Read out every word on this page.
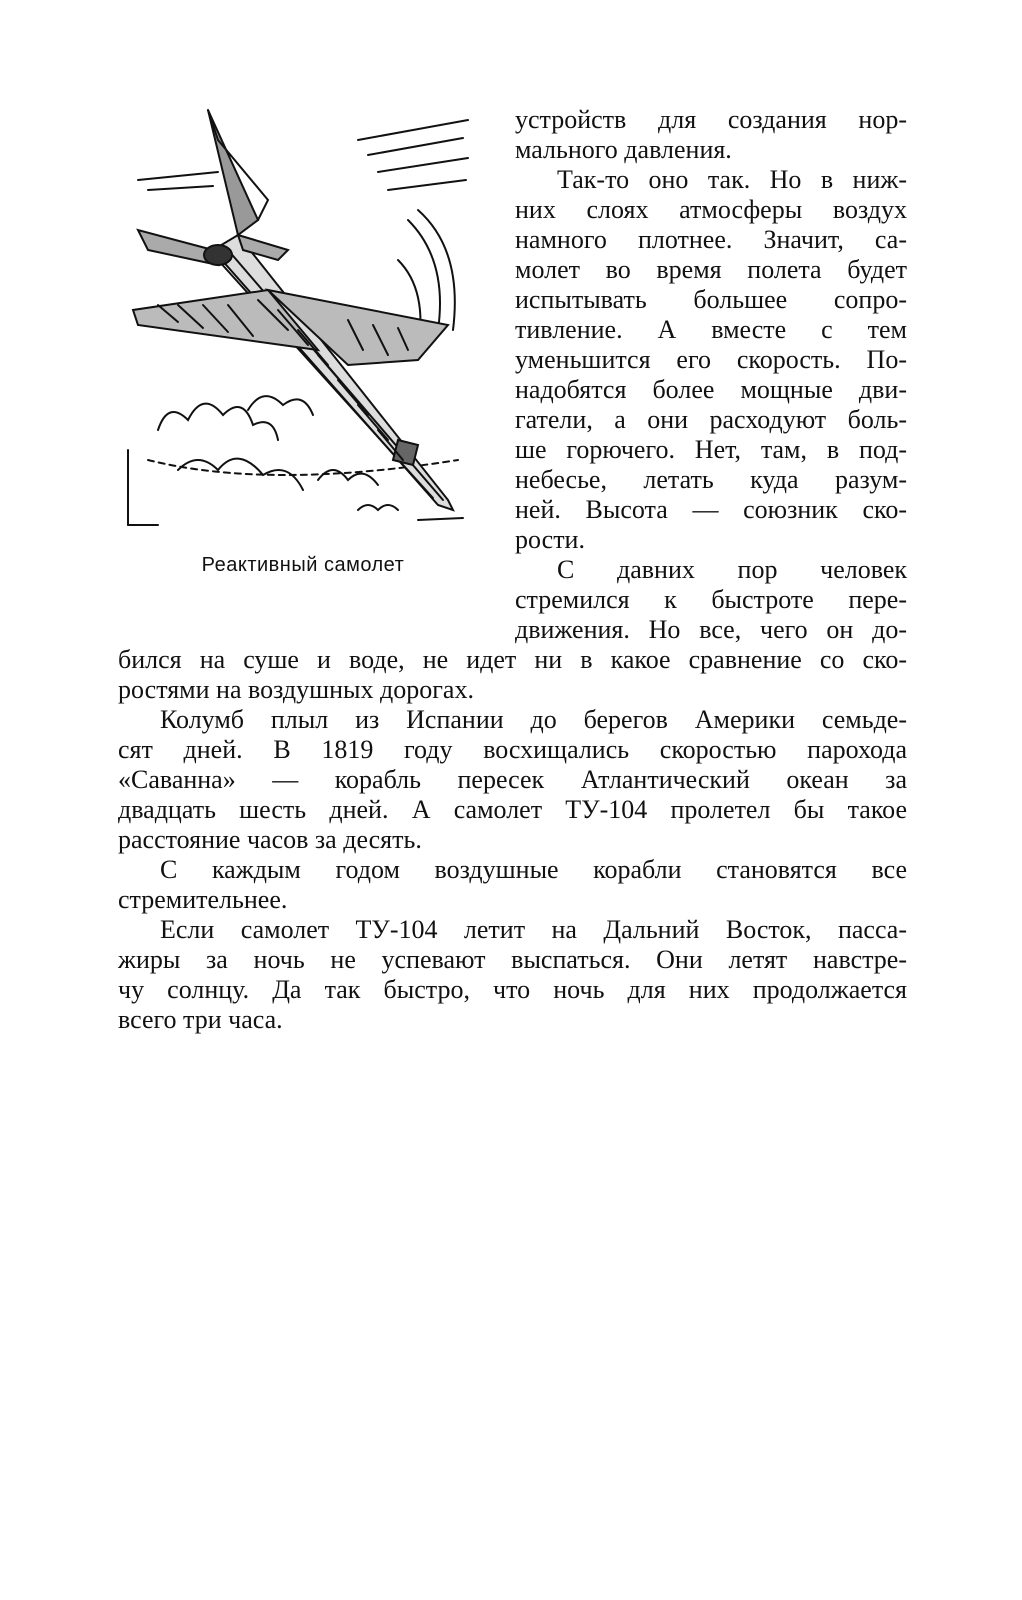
Реактивный самолет
устройств для создания нор-
мального давления.
Так-то оно так. Но в ниж-
них слоях атмосферы воздух
намного плотнее. Значит, са-
молет во время полета будет
испытывать большее сопро-
тивление. А вместе с тем
уменьшится его скорость. По-
надобятся более мощные дви-
гатели, а они расходуют боль-
ше горючего. Нет, там, в под-
небесье, летать куда разум-
ней. Высота — союзник ско-
рости.
С давних пор человек
стремился к быстроте пере-
движения. Но все, чего он до-
бился на суше и воде, не идет ни в какое сравнение со ско-
ростями на воздушных дорогах.
Колумб плыл из Испании до берегов Америки семьде-
сят дней. В 1819 году восхищались скоростью парохода
«Саванна» — корабль пересек Атлантический океан за
двадцать шесть дней. А самолет ТУ-104 пролетел бы такое
расстояние часов за десять.
С каждым годом воздушные корабли становятся все
стремительнее.
Если самолет ТУ-104 летит на Дальний Восток, пасса-
жиры за ночь не успевают выспаться. Они летят навстре-
чу солнцу. Да так быстро, что ночь для них продолжается
всего три часа.
